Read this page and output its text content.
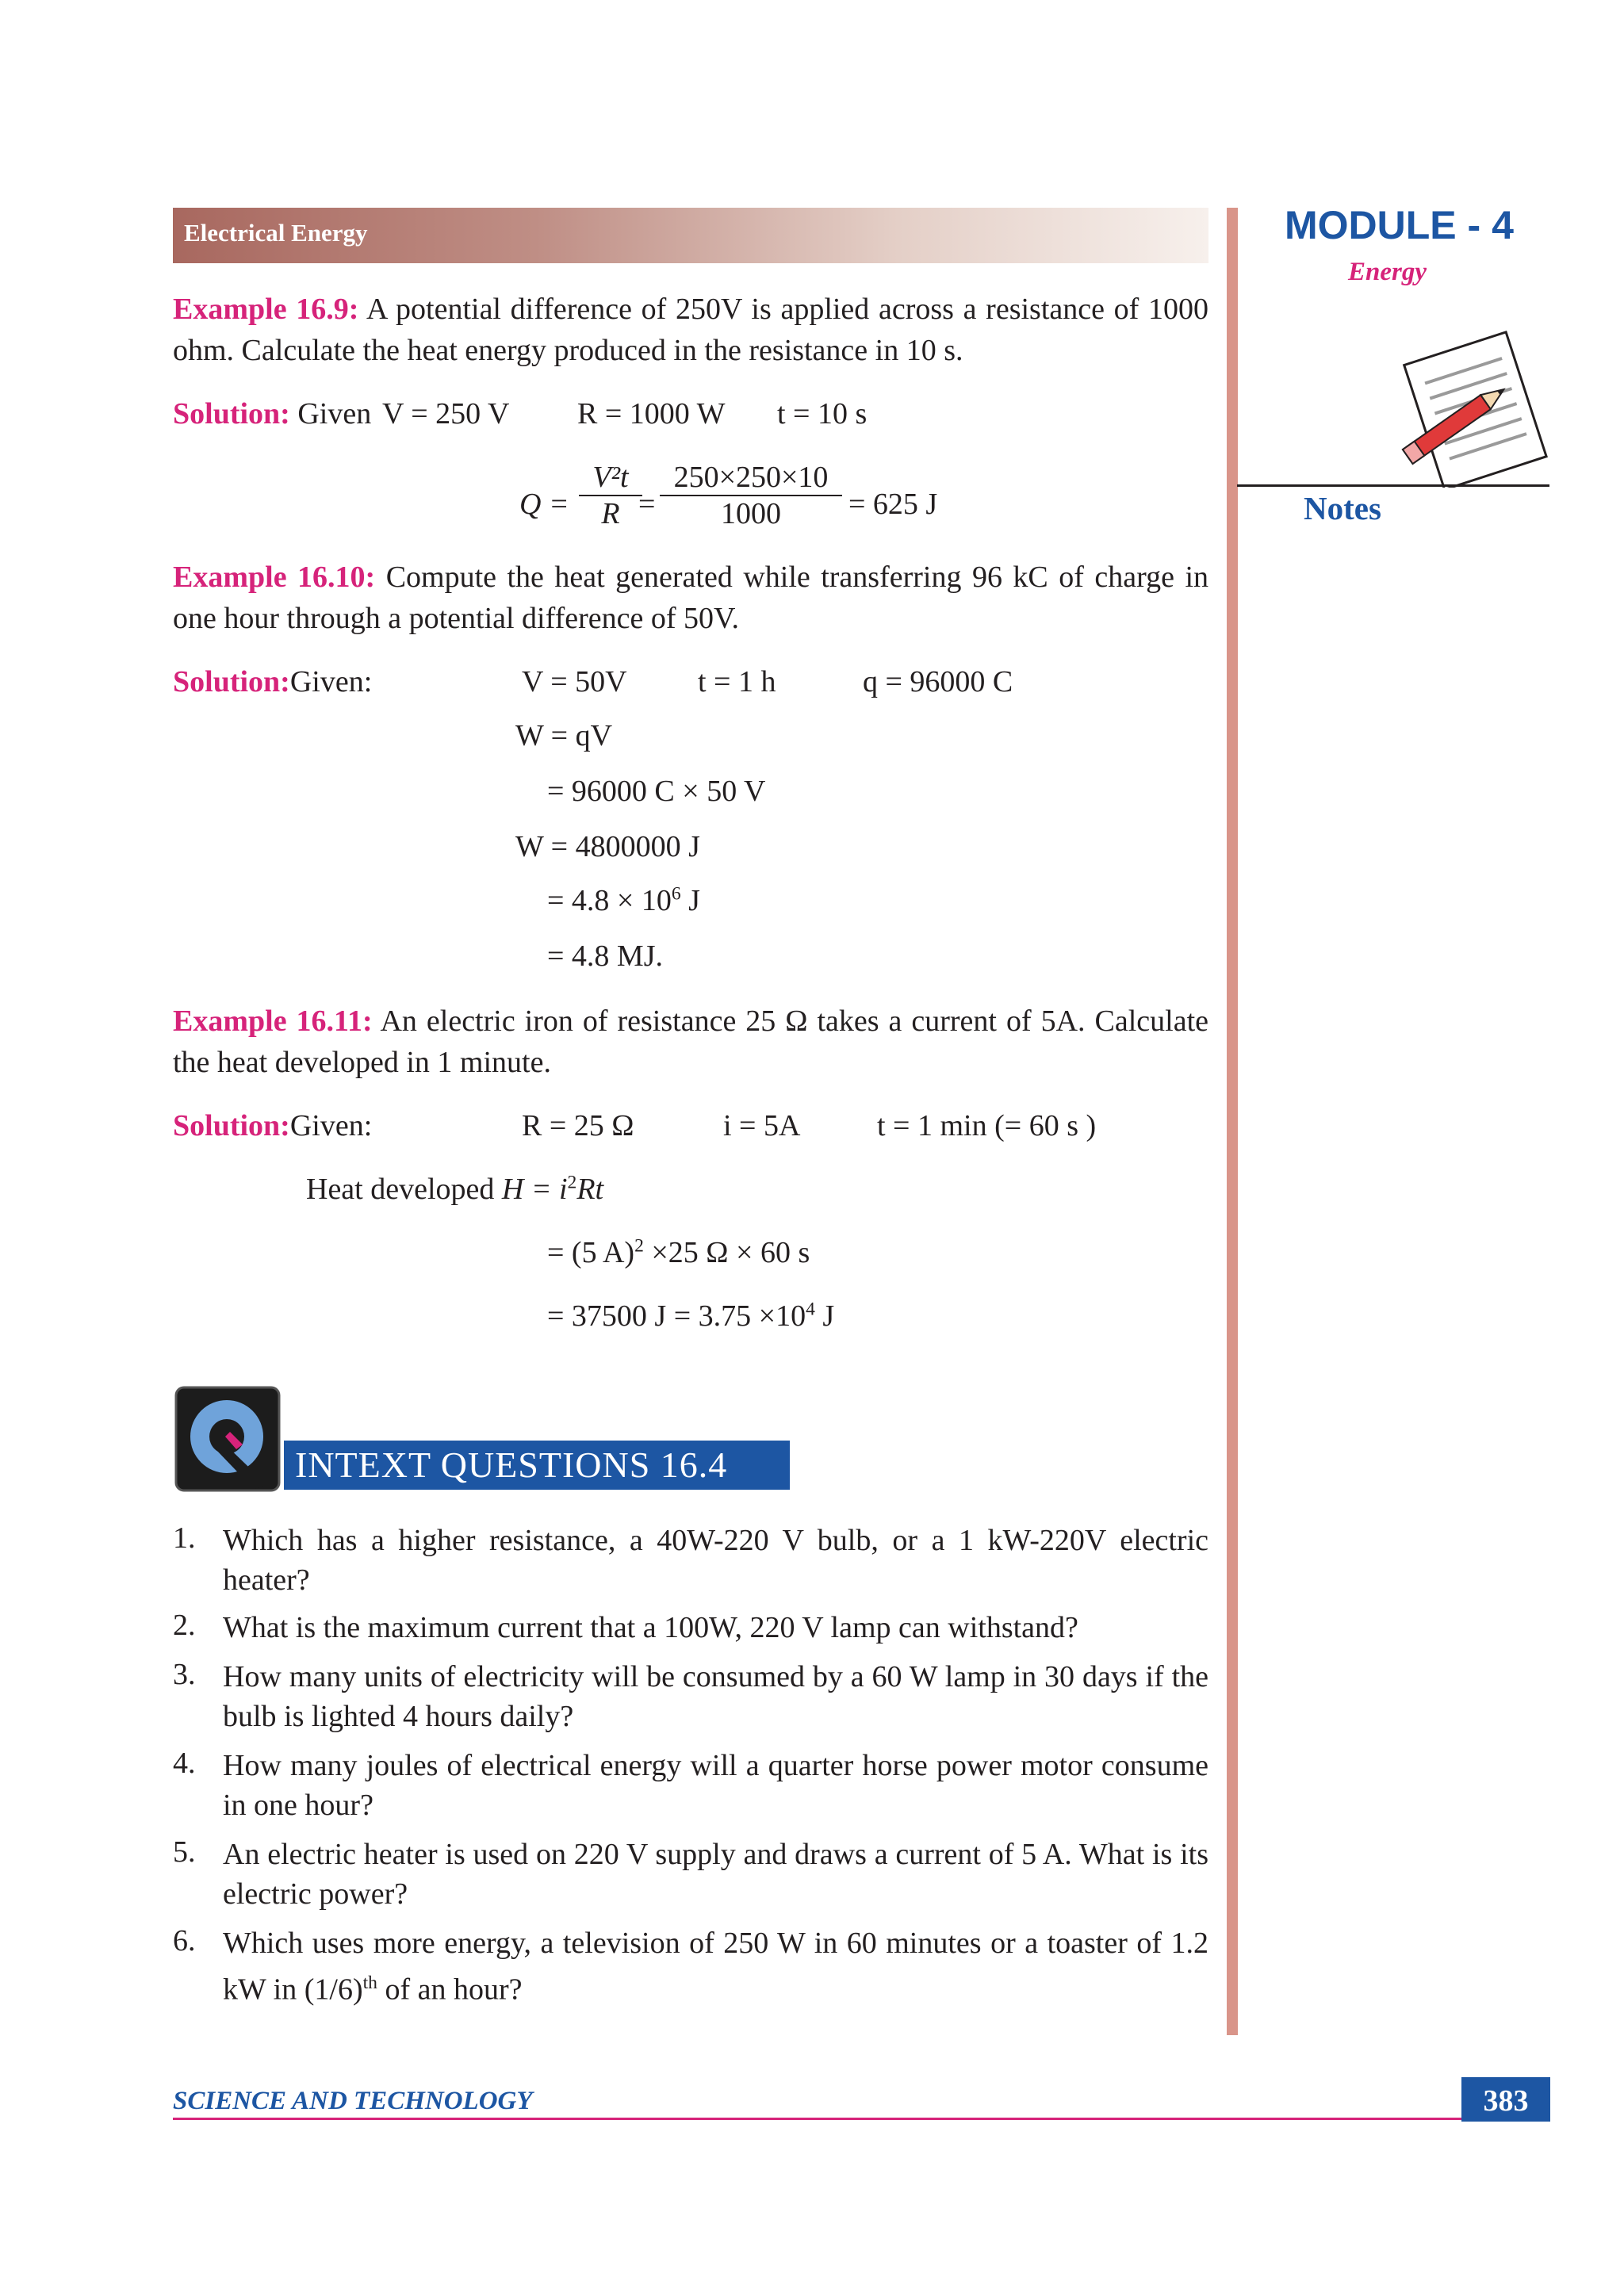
Electrical Energy	MODULE - 4
Energy
Notes
Example 16.9: A potential difference of 250V is applied across a resistance of 1000 ohm. Calculate the heat energy produced in the resistance in 10 s.
Solution: Given V = 250 V R = 1000 W t = 10 s
$Q = \frac{\text{V²t}}{R}$
= $\frac{250\times 250\times 10}{1000} = 625$ J
Example 16.10: Compute the heat generated while transferring 96 kC of charge in one hour through a potential difference of 50V.
Solution:Given:	V = 50V t = 1 h	q = 96000 C
W = qV
= 96000 C × 50 V
W = 4800000 J
= $4.8 \times 10^6$ J
= 4.8 MJ.
Example 16.11: An electric iron of resistance 25 Ω takes a current of 5A. Calculate the heat developed in 1 minute.
Solution:Given:	R = 25 Ω	i = 5A	t = 1 min (= 60 s )
Heat developed $H = i^2Rt$
= (5 A)$^2$ ×25 Ω × 60 s
= 37500 $J = 3.75 \times 10^4$ J
INTEXT QUESTIONS 16.4
1. Which has a higher resistance, a 40W-220 V bulb, or a 1 kW-220V electric heater?
2. What is the maximum current that a 100W, 220 V lamp can withstand?
3. How many units of electricity will be consumed by a 60 W lamp in 30 days if the bulb is lighted 4 hours daily?
4. How many joules of electrical energy will a quarter horse power motor consume in one hour?
5. An electric heater is used on 220 V supply and draws a current of 5 A. What is its electric power?
6. Which uses more energy, a television of 250 W in 60 minutes or a toaster of 1.2 kW in $(1/6)^{th}$ of an hour?
SCIENCE AND TECHNOLOGY	383
